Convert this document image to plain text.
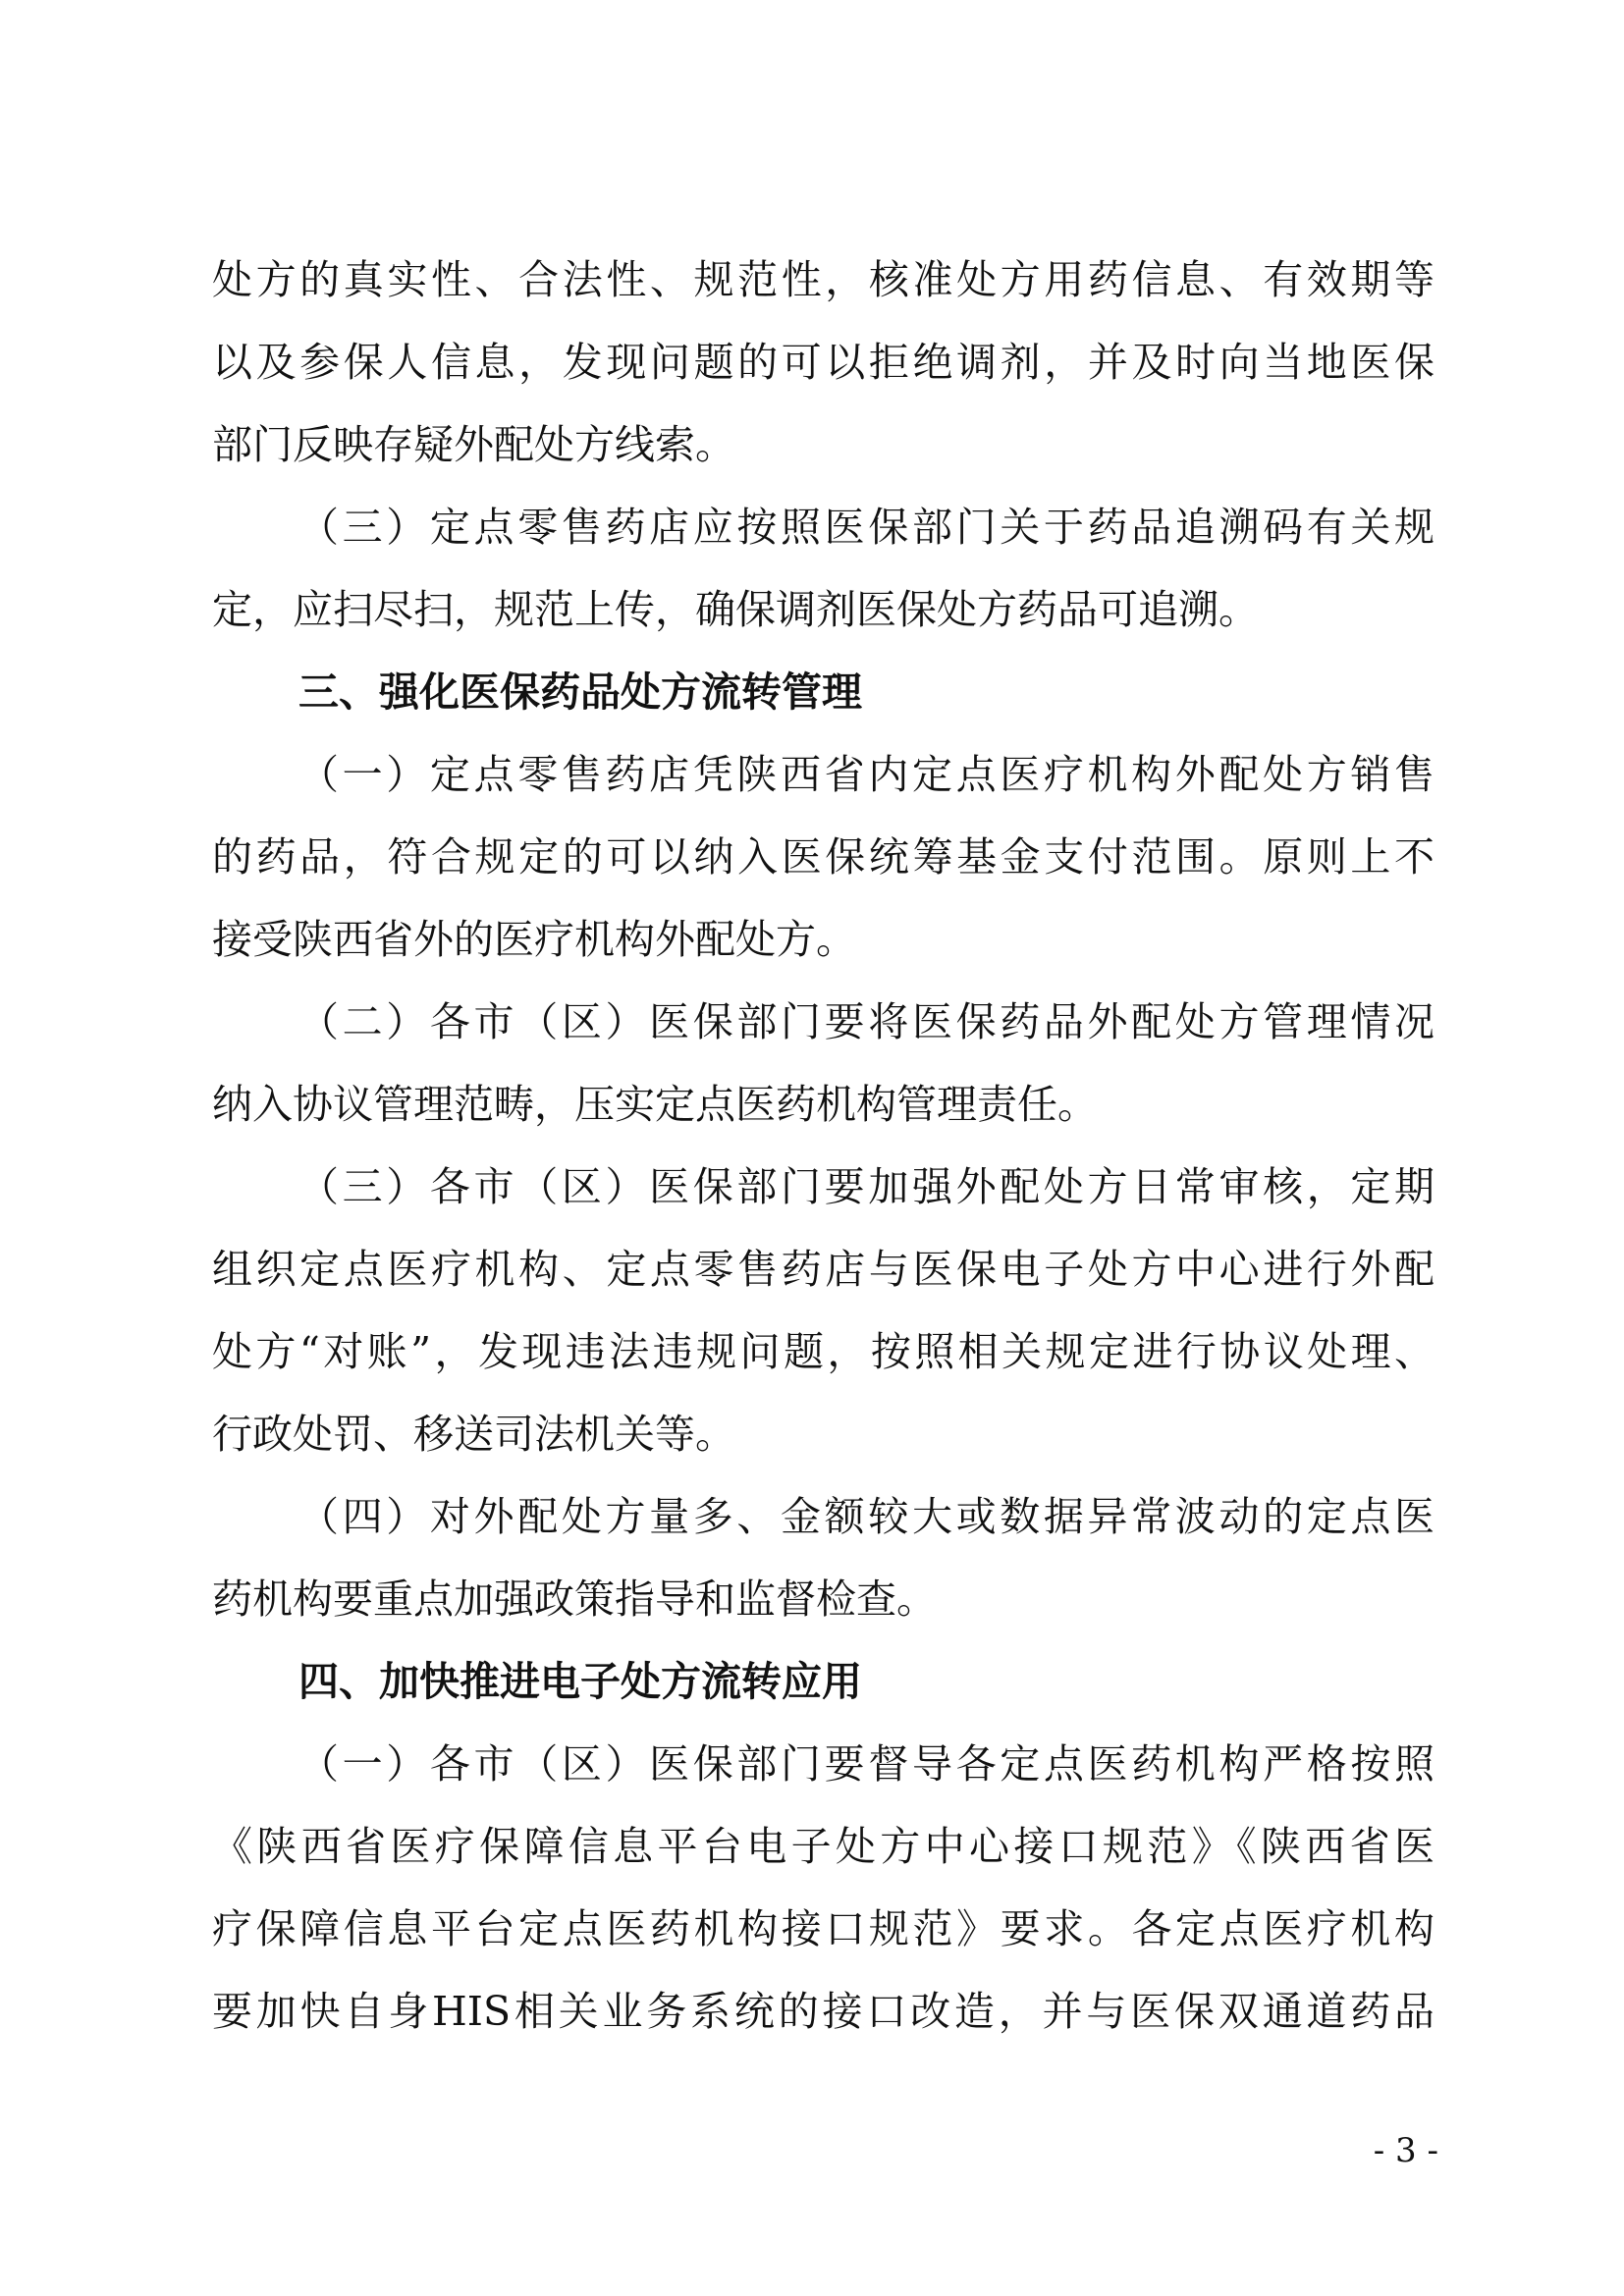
处方的真实性、合法性、规范性，核准处方用药信息、有效期等
以及参保人信息，发现问题的可以拒绝调剂，并及时向当地医保
部门反映存疑外配处方线索。
（三）定点零售药店应按照医保部门关于药品追溯码有关规
定，应扫尽扫，规范上传，确保调剂医保处方药品可追溯。
三、强化医保药品处方流转管理
（一）定点零售药店凭陕西省内定点医疗机构外配处方销售
的药品，符合规定的可以纳入医保统筹基金支付范围。原则上不
接受陕西省外的医疗机构外配处方。
（二）各市（区）医保部门要将医保药品外配处方管理情况
纳入协议管理范畴，压实定点医药机构管理责任。
（三）各市（区）医保部门要加强外配处方日常审核，定期
组织定点医疗机构、定点零售药店与医保电子处方中心进行外配
处方“对账”，发现违法违规问题，按照相关规定进行协议处理、
行政处罚、移送司法机关等。
（四）对外配处方量多、金额较大或数据异常波动的定点医
药机构要重点加强政策指导和监督检查。
四、加快推进电子处方流转应用
（一）各市（区）医保部门要督导各定点医药机构严格按照
《陕西省医疗保障信息平台电子处方中心接口规范》《陕西省医
疗保障信息平台定点医药机构接口规范》要求。各定点医疗机构
要加快自身HIS相关业务系统的接口改造，并与医保双通道药品
- 3 -
